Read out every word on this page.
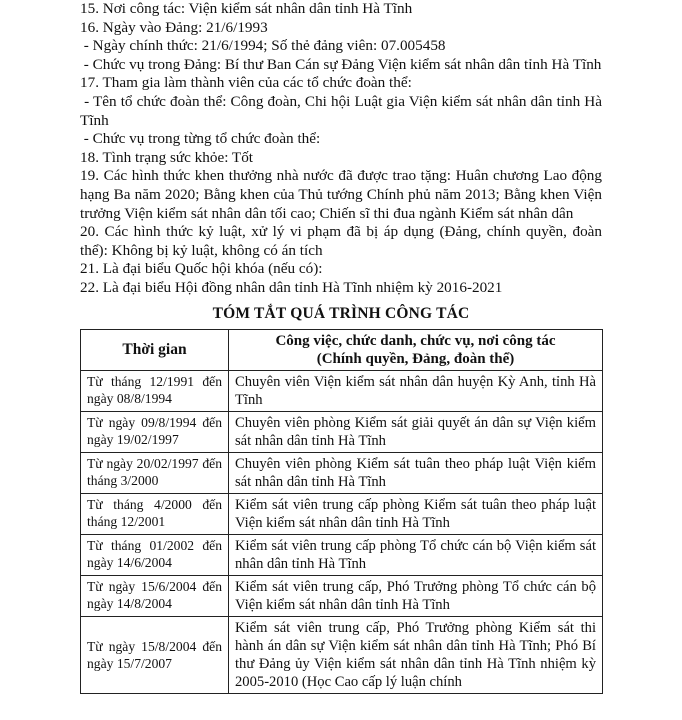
15. Nơi công tác: Viện kiểm sát nhân dân tỉnh Hà Tĩnh
16. Ngày vào Đảng: 21/6/1993
- Ngày chính thức: 21/6/1994; Số thẻ đảng viên: 07.005458
- Chức vụ trong Đảng: Bí thư Ban Cán sự Đảng Viện kiểm sát nhân dân tỉnh Hà Tĩnh
17. Tham gia làm thành viên của các tổ chức đoàn thể:
- Tên tổ chức đoàn thể: Công đoàn, Chi hội Luật gia Viện kiểm sát nhân dân tỉnh Hà Tĩnh
- Chức vụ trong từng tổ chức đoàn thể:
18. Tình trạng sức khỏe: Tốt
19. Các hình thức khen thưởng nhà nước đã được trao tặng: Huân chương Lao động hạng Ba năm 2020; Bằng khen của Thủ tướng Chính phủ năm 2013; Bằng khen Viện trưởng Viện kiểm sát nhân dân tối cao; Chiến sĩ thi đua ngành Kiểm sát nhân dân
20. Các hình thức kỷ luật, xử lý vi phạm đã bị áp dụng (Đảng, chính quyền, đoàn thể): Không bị kỷ luật, không có án tích
21. Là đại biểu Quốc hội khóa (nếu có):
22. Là đại biểu Hội đồng nhân dân tỉnh Hà Tĩnh nhiệm kỳ 2016-2021
TÓM TẮT QUÁ TRÌNH CÔNG TÁC
Thời gian	Công việc, chức danh, chức vụ, nơi công tác
(Chính quyền, Đảng, đoàn thể)

Từ tháng 12/1991 đến ngày 08/8/1994	Chuyên viên Viện kiểm sát nhân dân huyện Kỳ Anh, tỉnh Hà Tĩnh
Từ ngày 09/8/1994 đến ngày 19/02/1997	Chuyên viên phòng Kiểm sát giải quyết án dân sự Viện kiểm sát nhân dân tỉnh Hà Tĩnh
Từ ngày 20/02/1997 đến tháng 3/2000	Chuyên viên phòng Kiểm sát tuân theo pháp luật Viện kiểm sát nhân dân tỉnh Hà Tĩnh
Từ tháng 4/2000 đến tháng 12/2001	Kiểm sát viên trung cấp phòng Kiểm sát tuân theo pháp luật Viện kiểm sát nhân dân tỉnh Hà Tĩnh
Từ tháng 01/2002 đến ngày 14/6/2004	Kiểm sát viên trung cấp phòng Tổ chức cán bộ Viện kiểm sát nhân dân tỉnh Hà Tĩnh
Từ ngày 15/6/2004 đến ngày 14/8/2004	Kiểm sát viên trung cấp, Phó Trưởng phòng Tổ chức cán bộ Viện kiểm sát nhân dân tỉnh Hà Tĩnh
Từ ngày 15/8/2004 đến ngày 15/7/2007	Kiểm sát viên trung cấp, Phó Trưởng phòng Kiểm sát thi hành án dân sự Viện kiểm sát nhân dân tỉnh Hà Tĩnh; Phó Bí thư Đảng ủy Viện kiểm sát nhân dân tỉnh Hà Tĩnh nhiệm kỳ 2005-2010 (Học Cao cấp lý luận chính
